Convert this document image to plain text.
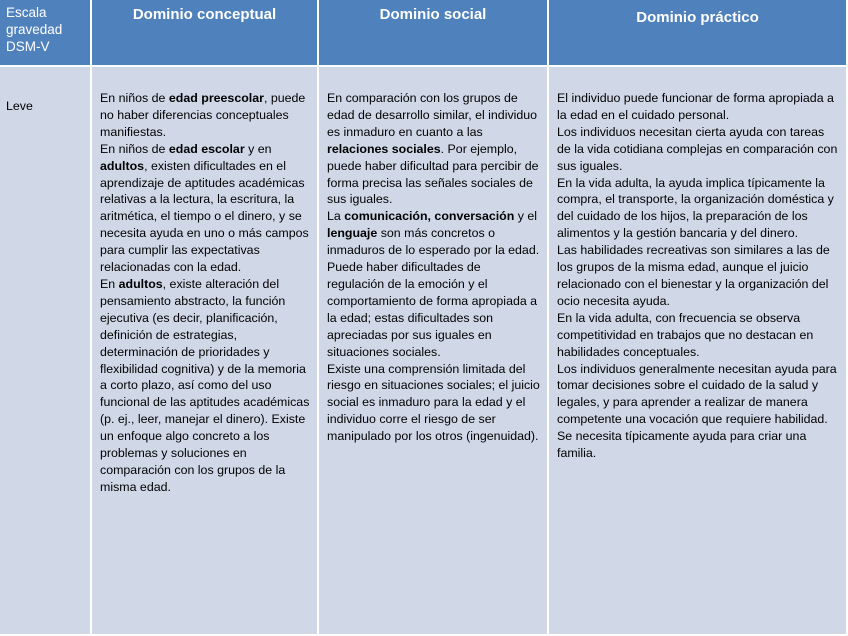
Escala
gravedad
DSM-V
Dominio conceptual	Dominio social	Dominio práctico
Leve

En niños de edad preescolar, puede no haber diferencias conceptuales manifiestas.

En niños de edad escolar y en adultos, existen dificultades en el aprendizaje de aptitudes académicas relativas a la lectura, la escritura, la aritmética, el tiempo o el dinero, y se necesita ayuda en uno o más campos para cumplir las expectativas relacionadas con la edad.

En adultos, existe alteración del pensamiento abstracto, la función ejecutiva (es decir, planificación, definición de estrategias, determinación de prioridades y flexibilidad cognitiva) y de la memoria a corto plazo, así como del uso funcional de las aptitudes académicas (p. ej., leer, manejar el dinero). Existe un enfoque algo concreto a los problemas y soluciones en comparación con los grupos de la misma edad.

En comparación con los grupos de edad de desarrollo similar, el individuo es inmaduro en cuanto a las relaciones sociales. Por ejemplo, puede haber dificultad para percibir de forma precisa las señales sociales de sus iguales.

La comunicación, conversación y el lenguaje son más concretos o inmaduros de lo esperado por la edad. Puede haber dificultades de regulación de la emoción y el comportamiento de forma apropiada a la edad; estas dificultades son apreciadas por sus iguales en situaciones sociales.

Existe una comprensión limitada del riesgo en situaciones sociales; el juicio social es inmaduro para la edad y el individuo corre el riesgo de ser manipulado por los otros (ingenuidad).

El individuo puede funcionar de forma apropiada a la edad en el cuidado personal.

Los individuos necesitan cierta ayuda con tareas de la vida cotidiana complejas en comparación con sus iguales.

En la vida adulta, la ayuda implica típicamente la compra, el transporte, la organización doméstica y del cuidado de los hijos, la preparación de los alimentos y la gestión bancaria y del dinero.

Las habilidades recreativas son similares a las de los grupos de la misma edad, aunque el juicio relacionado con el bienestar y la organización del ocio necesita ayuda.

En la vida adulta, con frecuencia se observa competitividad en trabajos que no destacan en habilidades conceptuales.

Los individuos generalmente necesitan ayuda para tomar decisiones sobre el cuidado de la salud y legales, y para aprender a realizar de manera competente una vocación que requiere habilidad.

Se necesita típicamente ayuda para criar una familia.
